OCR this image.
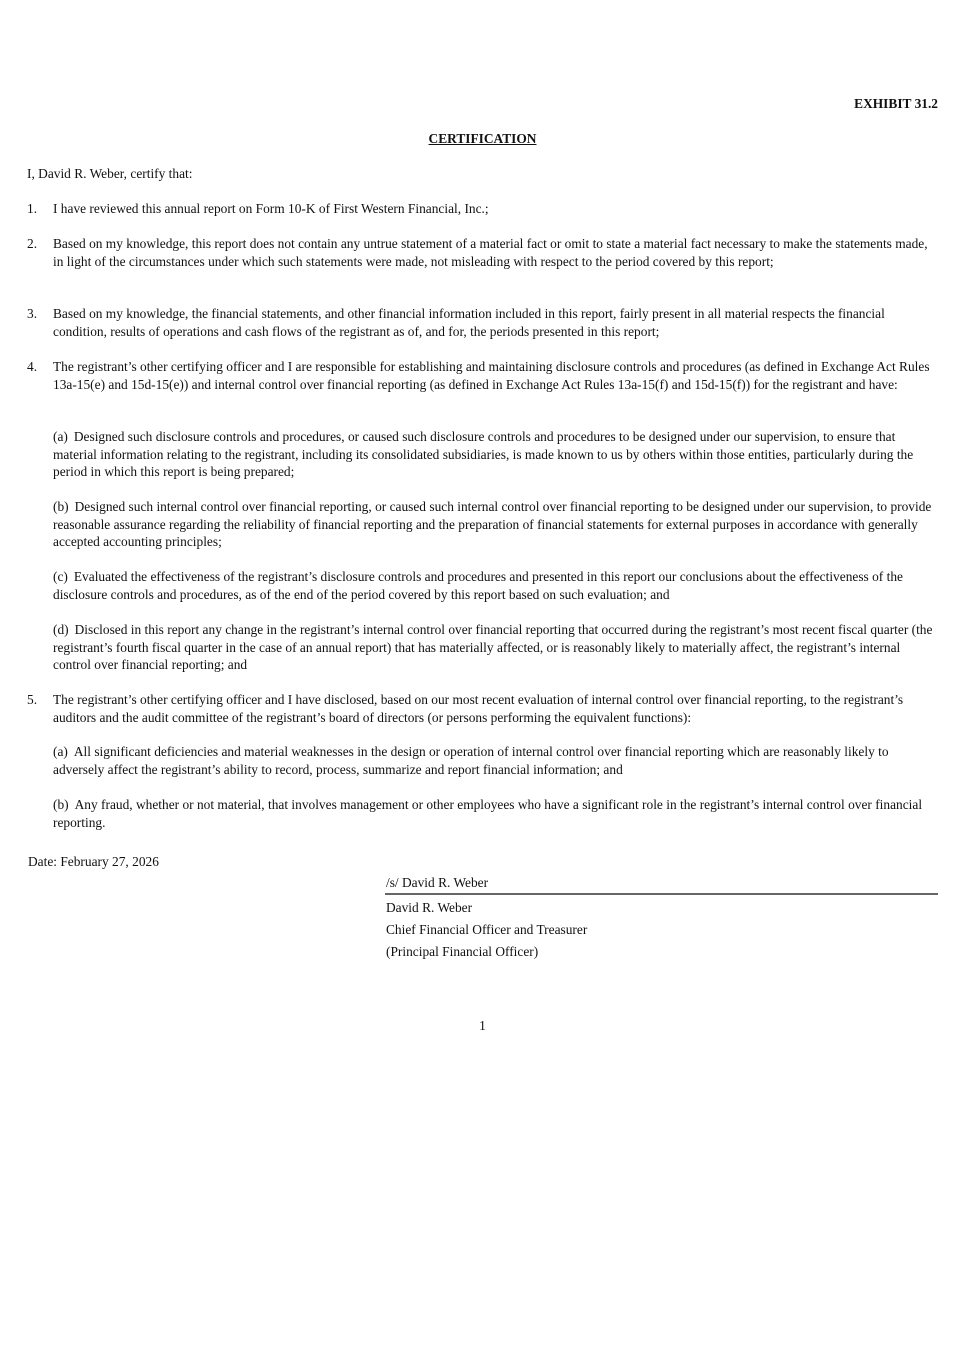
EXHIBIT 31.2
CERTIFICATION
I, David R. Weber, certify that:
1.	I have reviewed this annual report on Form 10-K of First Western Financial, Inc.;
2.	Based on my knowledge, this report does not contain any untrue statement of a material fact or omit to state a material fact necessary to make the statements made, in light of the circumstances under which such statements were made, not misleading with respect to the period covered by this report;
3.	Based on my knowledge, the financial statements, and other financial information included in this report, fairly present in all material respects the financial condition, results of operations and cash flows of the registrant as of, and for, the periods presented in this report;
4.	The registrant’s other certifying officer and I are responsible for establishing and maintaining disclosure controls and procedures (as defined in Exchange Act Rules 13a-15(e) and 15d-15(e)) and internal control over financial reporting (as defined in Exchange Act Rules 13a-15(f) and 15d-15(f)) for the registrant and have:
(a) Designed such disclosure controls and procedures, or caused such disclosure controls and procedures to be designed under our supervision, to ensure that material information relating to the registrant, including its consolidated subsidiaries, is made known to us by others within those entities, particularly during the period in which this report is being prepared;
(b) Designed such internal control over financial reporting, or caused such internal control over financial reporting to be designed under our supervision, to provide reasonable assurance regarding the reliability of financial reporting and the preparation of financial statements for external purposes in accordance with generally accepted accounting principles;
(c) Evaluated the effectiveness of the registrant’s disclosure controls and procedures and presented in this report our conclusions about the effectiveness of the disclosure controls and procedures, as of the end of the period covered by this report based on such evaluation; and
(d) Disclosed in this report any change in the registrant’s internal control over financial reporting that occurred during the registrant’s most recent fiscal quarter (the registrant’s fourth fiscal quarter in the case of an annual report) that has materially affected, or is reasonably likely to materially affect, the registrant’s internal control over financial reporting; and
5.	The registrant’s other certifying officer and I have disclosed, based on our most recent evaluation of internal control over financial reporting, to the registrant’s auditors and the audit committee of the registrant’s board of directors (or persons performing the equivalent functions):
(a) All significant deficiencies and material weaknesses in the design or operation of internal control over financial reporting which are reasonably likely to adversely affect the registrant’s ability to record, process, summarize and report financial information; and
(b) Any fraud, whether or not material, that involves management or other employees who have a significant role in the registrant’s internal control over financial reporting.
Date: February 27, 2026
/s/ David R. Weber
David R. Weber
Chief Financial Officer and Treasurer
(Principal Financial Officer)
1
